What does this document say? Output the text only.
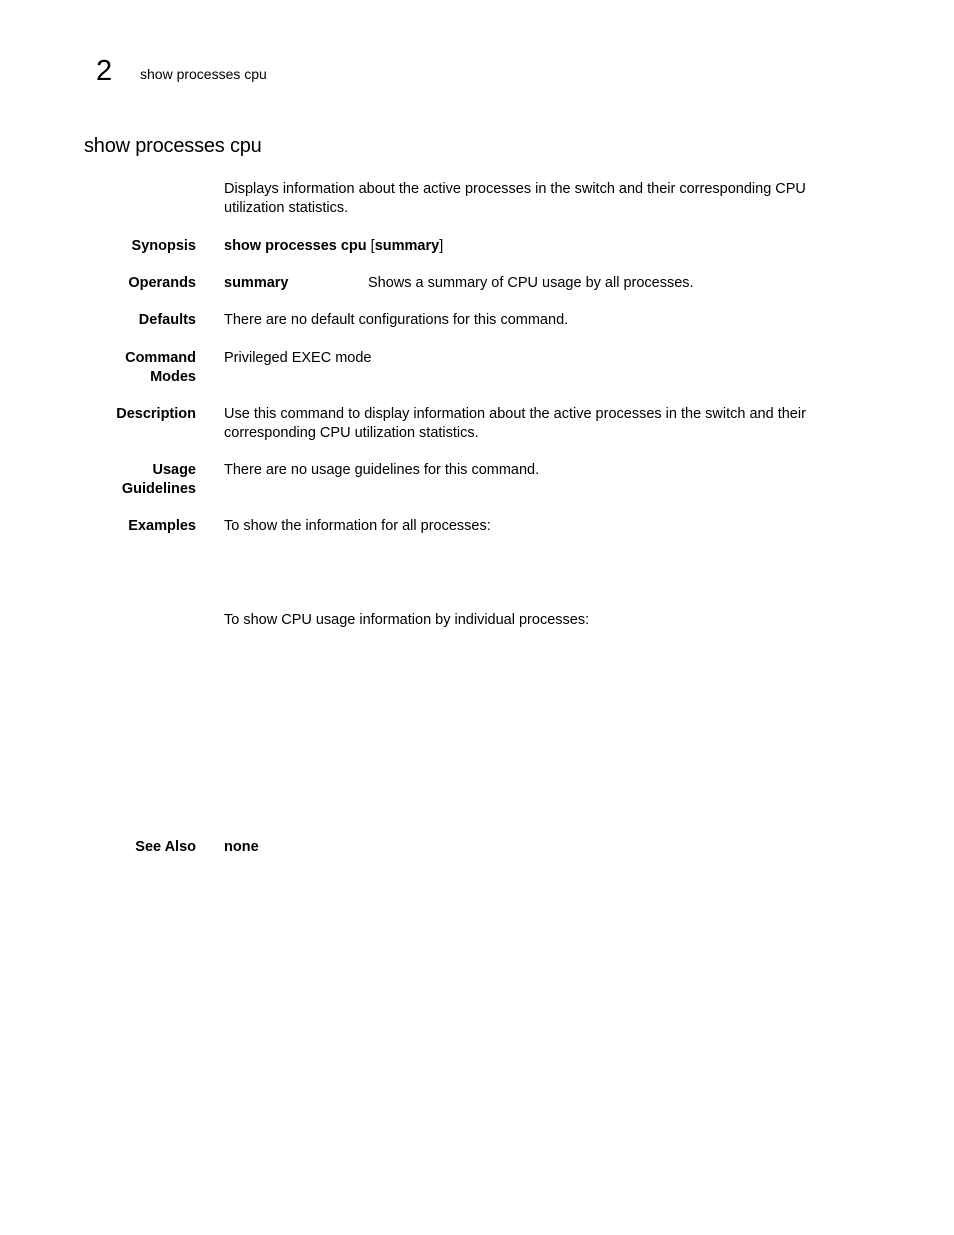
2 show processes cpu
show processes cpu
Displays information about the active processes in the switch and their corresponding CPU utilization statistics.
Synopsis show processes cpu [summary]
Operands summary	Shows a summary of CPU usage by all processes.
Defaults There are no default configurations for this command.
Command
Modes
Privileged EXEC mode
Description Use this command to display information about the active processes in the switch and their corresponding CPU utilization statistics.
Usage
Guidelines
There are no usage guidelines for this command.
Examples To show the information for all processes:
To show CPU usage information by individual processes:
See Also none
